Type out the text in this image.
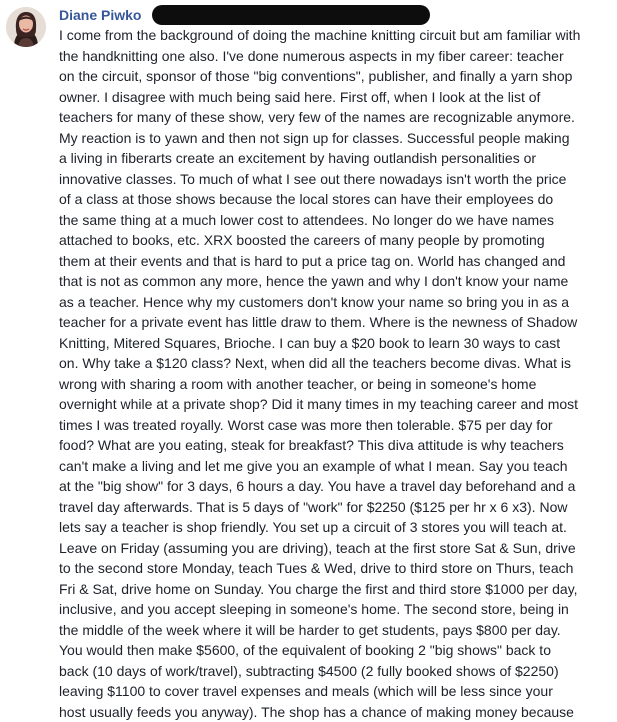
Diane Piwko
I come from the background of doing the machine knitting circuit but am familiar with
the handknitting one also. I've done numerous aspects in my fiber career: teacher
on the circuit, sponsor of those "big conventions", publisher, and finally a yarn shop
owner. I disagree with much being said here. First off, when I look at the list of
teachers for many of these show, very few of the names are recognizable anymore.
My reaction is to yawn and then not sign up for classes. Successful people making
a living in fiberarts create an excitement by having outlandish personalities or
innovative classes. To much of what I see out there nowadays isn't worth the price
of a class at those shows because the local stores can have their employees do
the same thing at a much lower cost to attendees. No longer do we have names
attached to books, etc. XRX boosted the careers of many people by promoting
them at their events and that is hard to put a price tag on. World has changed and
that is not as common any more, hence the yawn and why I don't know your name
as a teacher. Hence why my customers don't know your name so bring you in as a
teacher for a private event has little draw to them. Where is the newness of Shadow
Knitting, Mitered Squares, Brioche. I can buy a $20 book to learn 30 ways to cast
on. Why take a $120 class? Next, when did all the teachers become divas. What is
wrong with sharing a room with another teacher, or being in someone's home
overnight while at a private shop? Did it many times in my teaching career and most
times I was treated royally. Worst case was more then tolerable. $75 per day for
food? What are you eating, steak for breakfast? This diva attitude is why teachers
can't make a living and let me give you an example of what I mean. Say you teach
at the "big show" for 3 days, 6 hours a day. You have a travel day beforehand and a
travel day afterwards. That is 5 days of "work" for $2250 ($125 per hr x 6 x3). Now
lets say a teacher is shop friendly. You set up a circuit of 3 stores you will teach at.
Leave on Friday (assuming you are driving), teach at the first store Sat & Sun, drive
to the second store Monday, teach Tues & Wed, drive to third store on Thurs, teach
Fri & Sat, drive home on Sunday. You charge the first and third store $1000 per day,
inclusive, and you accept sleeping in someone's home. The second store, being in
the middle of the week where it will be harder to get students, pays $800 per day.
You would then make $5600, of the equivalent of booking 2 "big shows" back to
back (10 days of work/travel), subtracting $4500 (2 fully booked shows of $2250)
leaving $1100 to cover travel expenses and meals (which will be less since your
host usually feeds you anyway). The shop has a chance of making money because
